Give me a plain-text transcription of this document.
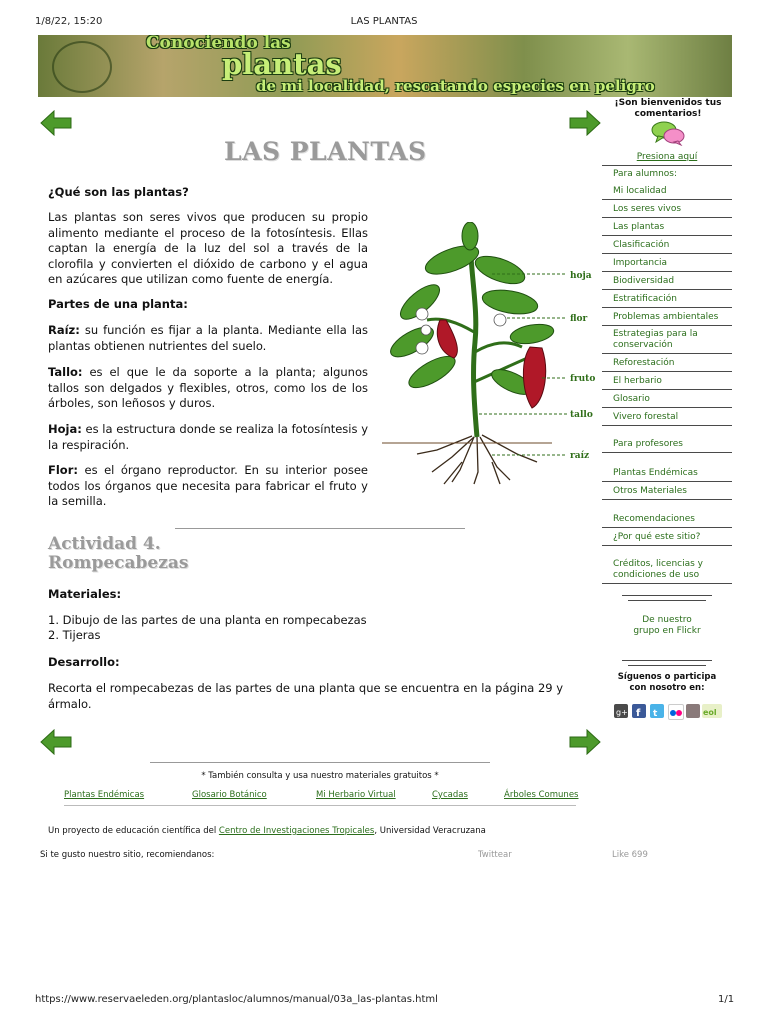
1/8/22, 15:20	LAS PLANTAS
Conociendo las
plantas
de mi localidad, rescatando especies en peligro
LAS PLANTAS
¿Qué son las plantas?
Las plantas son seres vivos que producen su propio alimento mediante el proceso de la fotosíntesis. Ellas captan la energía de la luz del sol a través de la clorofila y convierten el dióxido de carbono y el agua en azúcares que utilizan como fuente de energía.
Partes de una planta:
Raíz: su función es fijar a la planta. Mediante ella las plantas obtienen nutrientes del suelo.
Tallo: es el que le da soporte a la planta; algunos tallos son delgados y flexibles, otros, como los de los árboles, son leñosos y duros.
Hoja: es la estructura donde se realiza la fotosíntesis y la respiración.
Flor: es el órgano reproductor. En su interior posee todos los órganos que necesita para fabricar el fruto y la semilla.
hoja
flor
fruto
tallo
raíz
Actividad 4.
Rompecabezas
Materiales:
1. Dibujo de las partes de una planta en rompecabezas
2. Tijeras
Desarrollo:
Recorta el rompecabezas de las partes de una planta que se encuentra en la página 29 y ármalo.
* También consulta y usa nuestro materiales gratuitos *
Plantas Endémicas	Glosario Botánico	Mi Herbario Virtual	Cycadas	Árboles Comunes
Un proyecto de educación científica del Centro de Investigaciones Tropicales, Universidad Veracruzana
Si te gusto nuestro sitio, recomiendanos:	Twittear	Like 699
¡Son bienvenidos tus comentarios!
Presiona aquí
Para alumnos:
Mi localidad
Los seres vivos
Las plantas
Clasificación
Importancia
Biodiversidad
Estratificación
Problemas ambientales
Estrategias para la conservación
Reforestación
El herbario
Glosario
Vivero forestal
Para profesores
Plantas Endémicas
Otros Materiales
Recomendaciones
¿Por qué este sitio?
Créditos, licencias y condiciones de uso
De nuestro grupo en Flickr
Síguenos o participa con nosotro en:
g+ f t	eol
https://www.reservaeleden.org/plantasloc/alumnos/manual/03a_las-plantas.html	1/1
